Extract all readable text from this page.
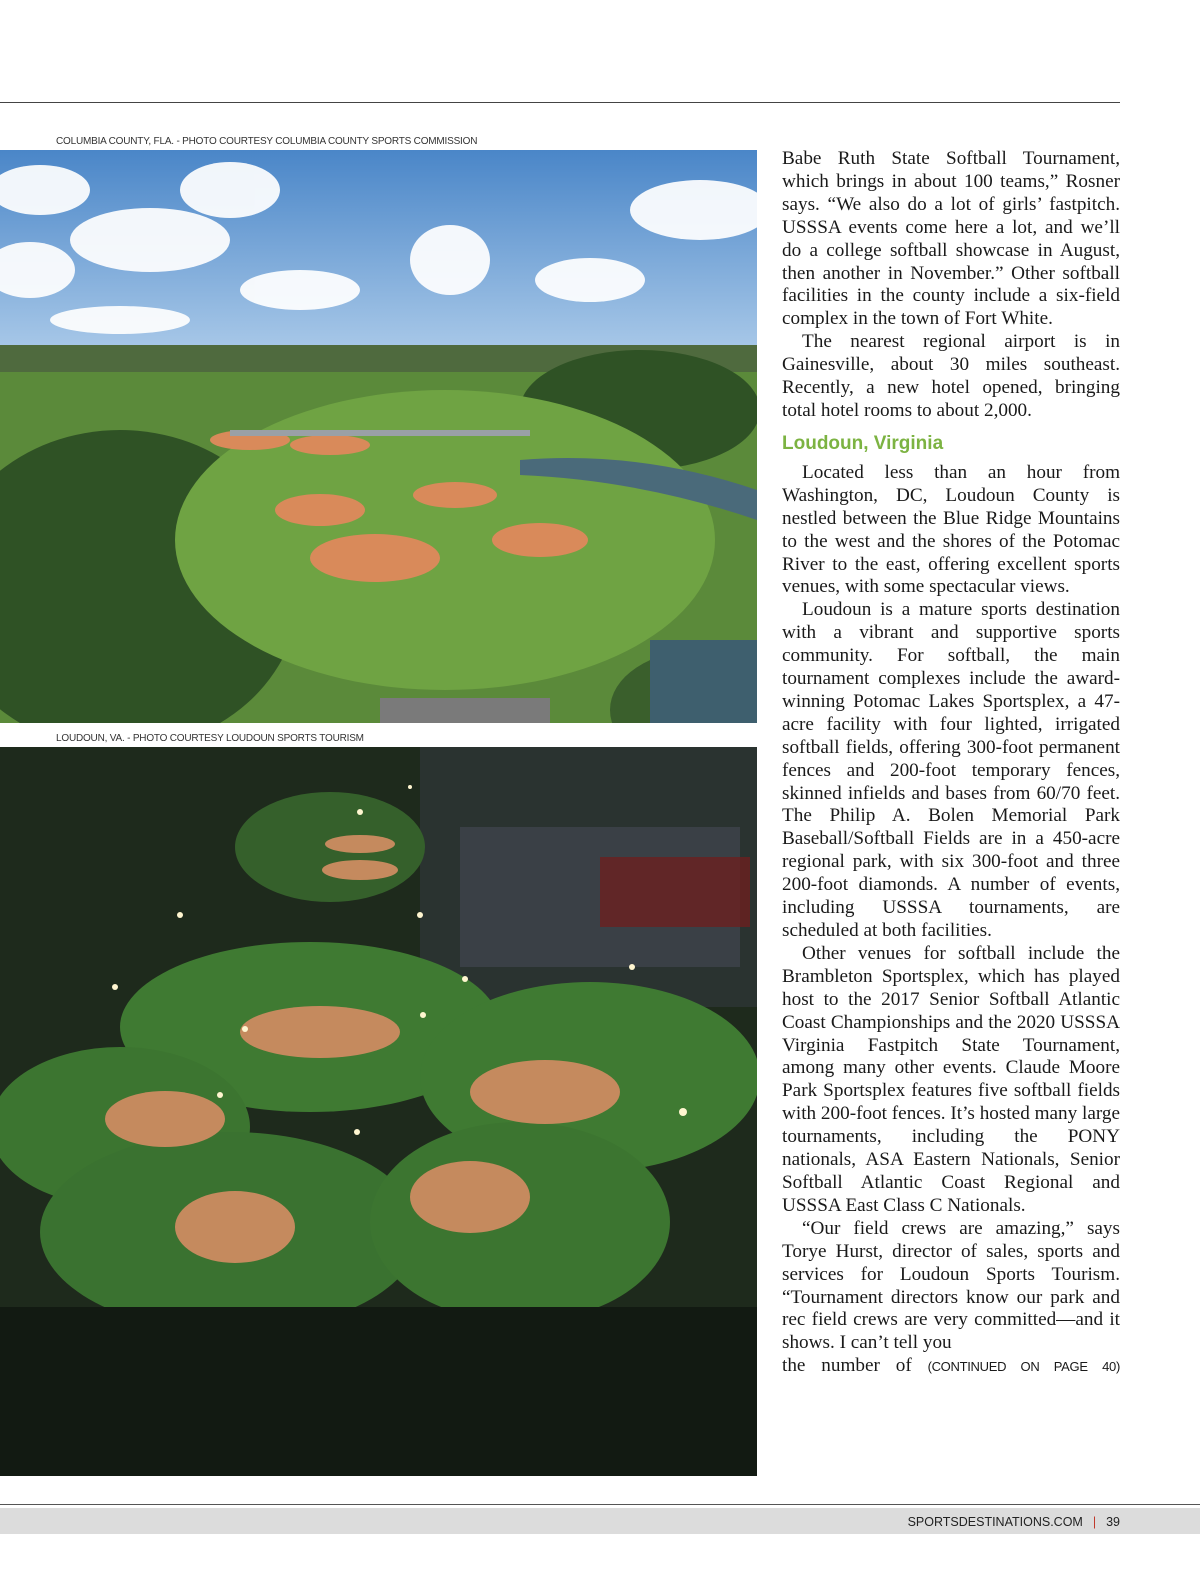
COLUMBIA COUNTY, FLA. - PHOTO COURTESY COLUMBIA COUNTY SPORTS COMMISSION
LOUDOUN, VA. - PHOTO COURTESY LOUDOUN SPORTS TOURISM

Babe Ruth State Softball Tournament, which brings in about 100 teams,” Rosner says. “We also do a lot of girls’ fastpitch. USSSA events come here a lot, and we’ll do a college softball showcase in August, then another in November.” Other softball facilities in the county include a six-field complex in the town of Fort White.

The nearest regional airport is in Gainesville, about 30 miles southeast. Recently, a new hotel opened, bringing total hotel rooms to about 2,000.

Loudoun, Virginia

Located less than an hour from Washington, DC, Loudoun County is nestled between the Blue Ridge Mountains to the west and the shores of the Potomac River to the east, offering excellent sports venues, with some spectacular views.

Loudoun is a mature sports destination with a vibrant and supportive sports community. For softball, the main tournament complexes include the award-winning Potomac Lakes Sportsplex, a 47-acre facility with four lighted, irrigated softball fields, offering 300-foot permanent fences and 200-foot temporary fences, skinned infields and bases from 60/70 feet. The Philip A. Bolen Memorial Park Baseball/Softball Fields are in a 450-acre regional park, with six 300-foot and three 200-foot diamonds. A number of events, including USSSA tournaments, are scheduled at both facilities.

Other venues for softball include the Brambleton Sportsplex, which has played host to the 2017 Senior Softball Atlantic Coast Championships and the 2020 USSSA Virginia Fastpitch State Tournament, among many other events. Claude Moore Park Sportsplex features five softball fields with 200-foot fences. It’s hosted many large tournaments, including the PONY nationals, ASA Eastern Nationals, Senior Softball Atlantic Coast Regional and USSSA East Class C Nationals.

“Our field crews are amazing,” says Torye Hurst, director of sales, sports and services for Loudoun Sports Tourism. “Tournament directors know our park and rec field crews are very committed—and it shows. I can’t tell you

the number of (CONTINUED ON PAGE 40)

SPORTSDESTINATIONS.COM | 39
